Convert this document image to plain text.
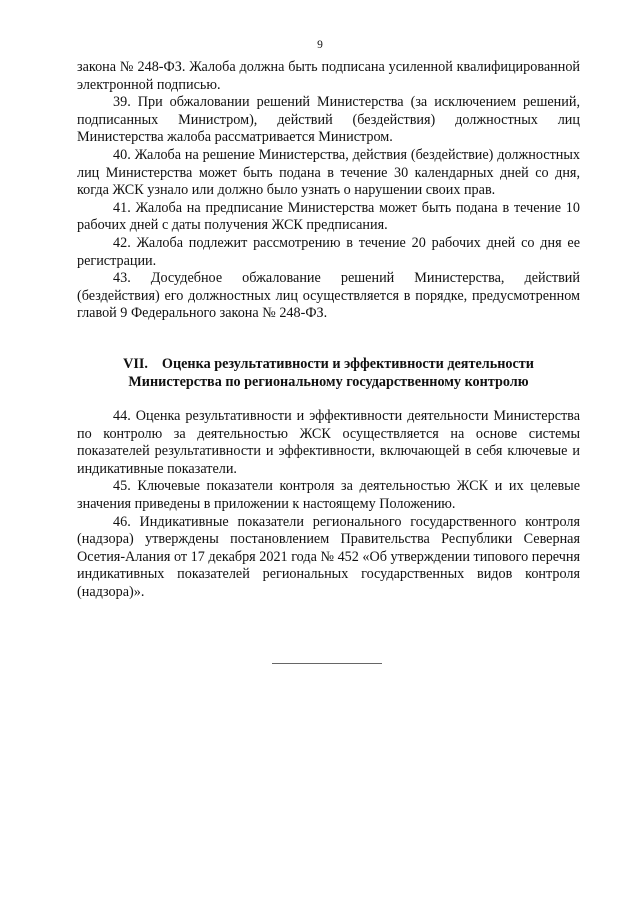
9

закона № 248-ФЗ. Жалоба должна быть подписана усиленной квалифицированной электронной подписью.

39. При обжаловании решений Министерства (за исключением решений, подписанных Министром), действий (бездействия) должностных лиц Министерства жалоба рассматривается Министром.

40. Жалоба на решение Министерства, действия (бездействие) должностных лиц Министерства может быть подана в течение 30 календарных дней со дня, когда ЖСК узнало или должно было узнать о нарушении своих прав.

41. Жалоба на предписание Министерства может быть подана в течение 10 рабочих дней с даты получения ЖСК предписания.

42. Жалоба подлежит рассмотрению в течение 20 рабочих дней со дня ее регистрации.

43. Досудебное обжалование решений Министерства, действий (бездействия) его должностных лиц осуществляется в порядке, предусмотренном главой 9 Федерального закона № 248-ФЗ.

VII. Оценка результативности и эффективности деятельности
Министерства по региональному государственному контролю

44. Оценка результативности и эффективности деятельности Министерства по контролю за деятельностью ЖСК осуществляется на основе системы показателей результативности и эффективности, включающей в себя ключевые и индикативные показатели.

45. Ключевые показатели контроля за деятельностью ЖСК и их целевые значения приведены в приложении к настоящему Положению.

46. Индикативные показатели регионального государственного контроля (надзора) утверждены постановлением Правительства Республики Северная Осетия-Алания от 17 декабря 2021 года № 452 «Об утверждении типового перечня индикативных показателей региональных государственных видов контроля (надзора)».
